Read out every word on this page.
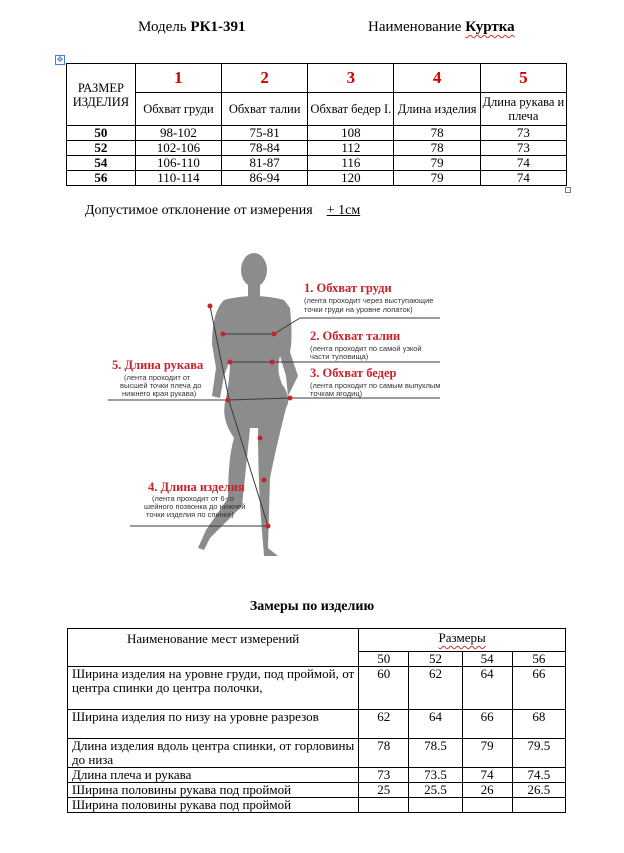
Модель РК1-391	Наименование Куртка
✥
РАЗМЕР ИЗДЕЛИЯ	1	2	3	4	5
	Обхват груди	Обхват талии	Обхват бедер I.	Длина изделия	Длина рукава и плеча
50	98-102	75-81	108	78	73
52	102-106	78-84	112	78	73
54	106-110	81-87	116	79	74
56	110-114	86-94	120	79	74
Допустимое отклонение от измерения + 1см
1. Обхват груди
(лента проходит через выступающие
точки груди на уровне лопаток)
2. Обхват талии
(лента проходит по самой узкой
части туловища)
3. Обхват бедер
(лента проходит по самым выпуклым
точкам ягодиц)
5. Длина рукава
(лента проходит от
высшей точки плеча до
нижнего края рукава)
4. Длина изделия
(лента проходит от 6-го
шейного позвонка до нижней
точки изделия по спинке)
Замеры по изделию
Наименование мест измерений	Размеры			
	50	52	54	56
Ширина изделия на уровне груди, под проймой, от центра спинки до центра полочки,	60	62	64	66
Ширина изделия по низу на уровне разрезов	62	64	66	68
Длина изделия вдоль центра спинки, от горловины до низа	78	78.5	79	79.5
Длина плеча и рукава	73	73.5	74	74.5
Ширина половины рукава под проймой	25	25.5	26	26.5
Ширина половины рукава под проймой				
